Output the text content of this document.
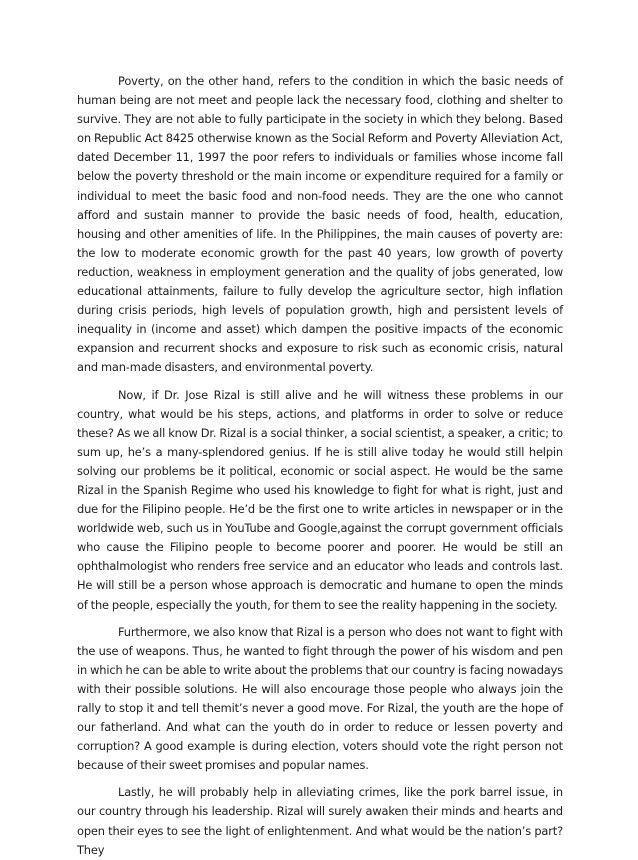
Poverty, on the other hand, refers to the condition in which the basic needs of human being are not meet and people lack the necessary food, clothing and shelter to survive. They are not able to fully participate in the society in which they belong. Based on Republic Act 8425 otherwise known as the Social Reform and Poverty Alleviation Act, dated December 11, 1997 the poor refers to individuals or families whose income fall below the poverty threshold or the main income or expenditure required for a family or individual to meet the basic food and non-food needs. They are the one who cannot afford and sustain manner to provide the basic needs of food, health, education, housing and other amenities of life. In the Philippines, the main causes of poverty are: the low to moderate economic growth for the past 40 years, low growth of poverty reduction, weakness in employment generation and the quality of jobs generated, low educational attainments, failure to fully develop the agriculture sector, high inflation during crisis periods, high levels of population growth, high and persistent levels of inequality in (income and asset) which dampen the positive impacts of the economic expansion and recurrent shocks and exposure to risk such as economic crisis, natural and man-made disasters, and environmental poverty.

Now, if Dr. Jose Rizal is still alive and he will witness these problems in our country, what would be his steps, actions, and platforms in order to solve or reduce these? As we all know Dr. Rizal is a social thinker, a social scientist, a speaker, a critic; to sum up, he’s a many-splendored genius. If he is still alive today he would still helpin solving our problems be it political, economic or social aspect. He would be the same Rizal in the Spanish Regime who used his knowledge to fight for what is right, just and due for the Filipino people. He’d be the first one to write articles in newspaper or in the worldwide web, such us in YouTube and Google,against the corrupt government officials who cause the Filipino people to become poorer and poorer. He would be still an ophthalmologist who renders free service and an educator who leads and controls last. He will still be a person whose approach is democratic and humane to open the minds of the people, especially the youth, for them to see the reality happening in the society.

Furthermore, we also know that Rizal is a person who does not want to fight with the use of weapons. Thus, he wanted to fight through the power of his wisdom and pen in which he can be able to write about the problems that our country is facing nowadays with their possible solutions. He will also encourage those people who always join the rally to stop it and tell themit’s never a good move. For Rizal, the youth are the hope of our fatherland. And what can the youth do in order to reduce or lessen poverty and corruption? A good example is during election, voters should vote the right person not because of their sweet promises and popular names.

Lastly, he will probably help in alleviating crimes, like the pork barrel issue, in our country through his leadership. Rizal will surely awaken their minds and hearts and open their eyes to see the light of enlightenment. And what would be the nation’s part? They
